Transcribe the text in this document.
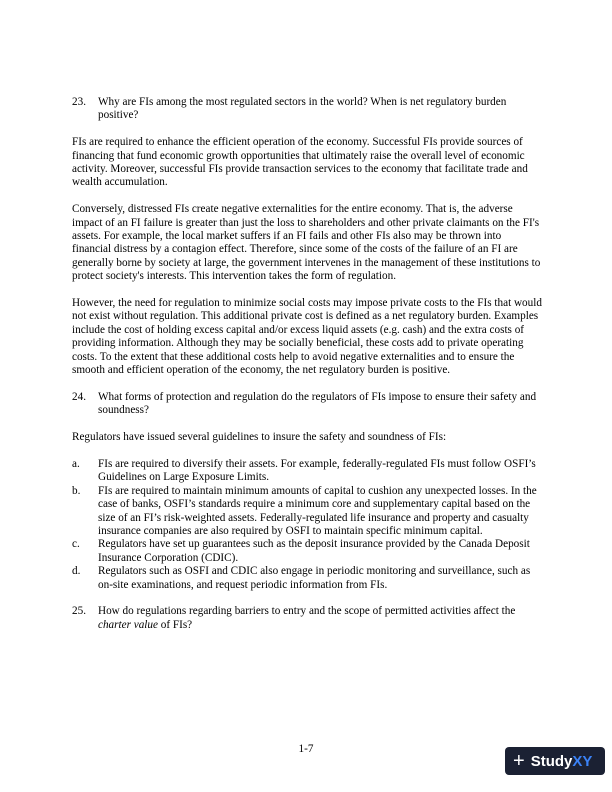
23. Why are FIs among the most regulated sectors in the world? When is net regulatory burden positive?

FIs are required to enhance the efficient operation of the economy. Successful FIs provide sources of financing that fund economic growth opportunities that ultimately raise the overall level of economic activity. Moreover, successful FIs provide transaction services to the economy that facilitate trade and wealth accumulation.

Conversely, distressed FIs create negative externalities for the entire economy. That is, the adverse impact of an FI failure is greater than just the loss to shareholders and other private claimants on the FI's assets. For example, the local market suffers if an FI fails and other FIs also may be thrown into financial distress by a contagion effect. Therefore, since some of the costs of the failure of an FI are generally borne by society at large, the government intervenes in the management of these institutions to protect society's interests. This intervention takes the form of regulation.

However, the need for regulation to minimize social costs may impose private costs to the FIs that would not exist without regulation. This additional private cost is defined as a net regulatory burden. Examples include the cost of holding excess capital and/or excess liquid assets (e.g. cash) and the extra costs of providing information. Although they may be socially beneficial, these costs add to private operating costs. To the extent that these additional costs help to avoid negative externalities and to ensure the smooth and efficient operation of the economy, the net regulatory burden is positive.

24. What forms of protection and regulation do the regulators of FIs impose to ensure their safety and soundness?

Regulators have issued several guidelines to insure the safety and soundness of FIs:

a. FIs are required to diversify their assets. For example, federally-regulated FIs must follow OSFI’s Guidelines on Large Exposure Limits.
b. FIs are required to maintain minimum amounts of capital to cushion any unexpected losses. In the case of banks, OSFI’s standards require a minimum core and supplementary capital based on the size of an FI’s risk-weighted assets. Federally-regulated life insurance and property and casualty insurance companies are also required by OSFI to maintain specific minimum capital.
c. Regulators have set up guarantees such as the deposit insurance provided by the Canada Deposit Insurance Corporation (CDIC).
d. Regulators such as OSFI and CDIC also engage in periodic monitoring and surveillance, such as on-site examinations, and request periodic information from FIs.
25. How do regulations regarding barriers to entry and the scope of permitted activities affect the charter value of FIs?
1-7
+ Study XY
